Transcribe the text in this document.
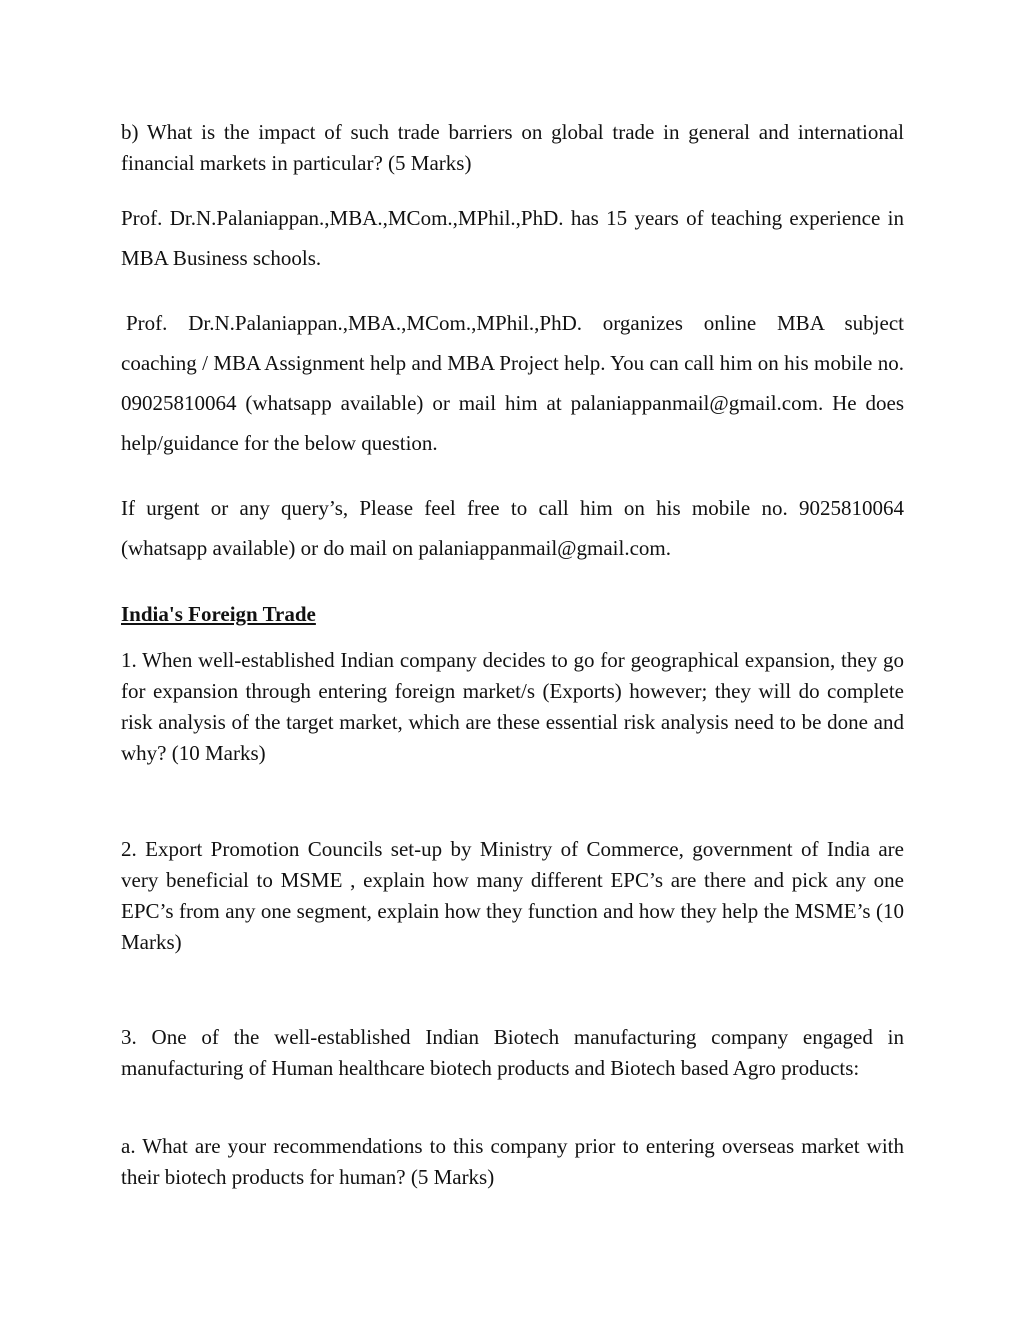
b) What is the impact of such trade barriers on global trade in general and international financial markets in particular? (5 Marks)

Prof. Dr.N.Palaniappan.,MBA.,MCom.,MPhil.,PhD. has 15 years of teaching experience in MBA Business schools.

Prof. Dr.N.Palaniappan.,MBA.,MCom.,MPhil.,PhD. organizes online MBA subject coaching / MBA Assignment help and MBA Project help. You can call him on his mobile no. 09025810064 (whatsapp available) or mail him at palaniappanmail@gmail.com. He does help/guidance for the below question.

If urgent or any query’s, Please feel free to call him on his mobile no. 9025810064 (whatsapp available) or do mail on palaniappanmail@gmail.com.

India's Foreign Trade

1. When well-established Indian company decides to go for geographical expansion, they go for expansion through entering foreign market/s (Exports) however; they will do complete risk analysis of the target market, which are these essential risk analysis need to be done and why? (10 Marks)

2. Export Promotion Councils set-up by Ministry of Commerce, government of India are very beneficial to MSME , explain how many different EPC’s are there and pick any one EPC’s from any one segment, explain how they function and how they help the MSME’s (10 Marks)

3. One of the well-established Indian Biotech manufacturing company engaged in manufacturing of Human healthcare biotech products and Biotech based Agro products:

a. What are your recommendations to this company prior to entering overseas market with their biotech products for human? (5 Marks)
